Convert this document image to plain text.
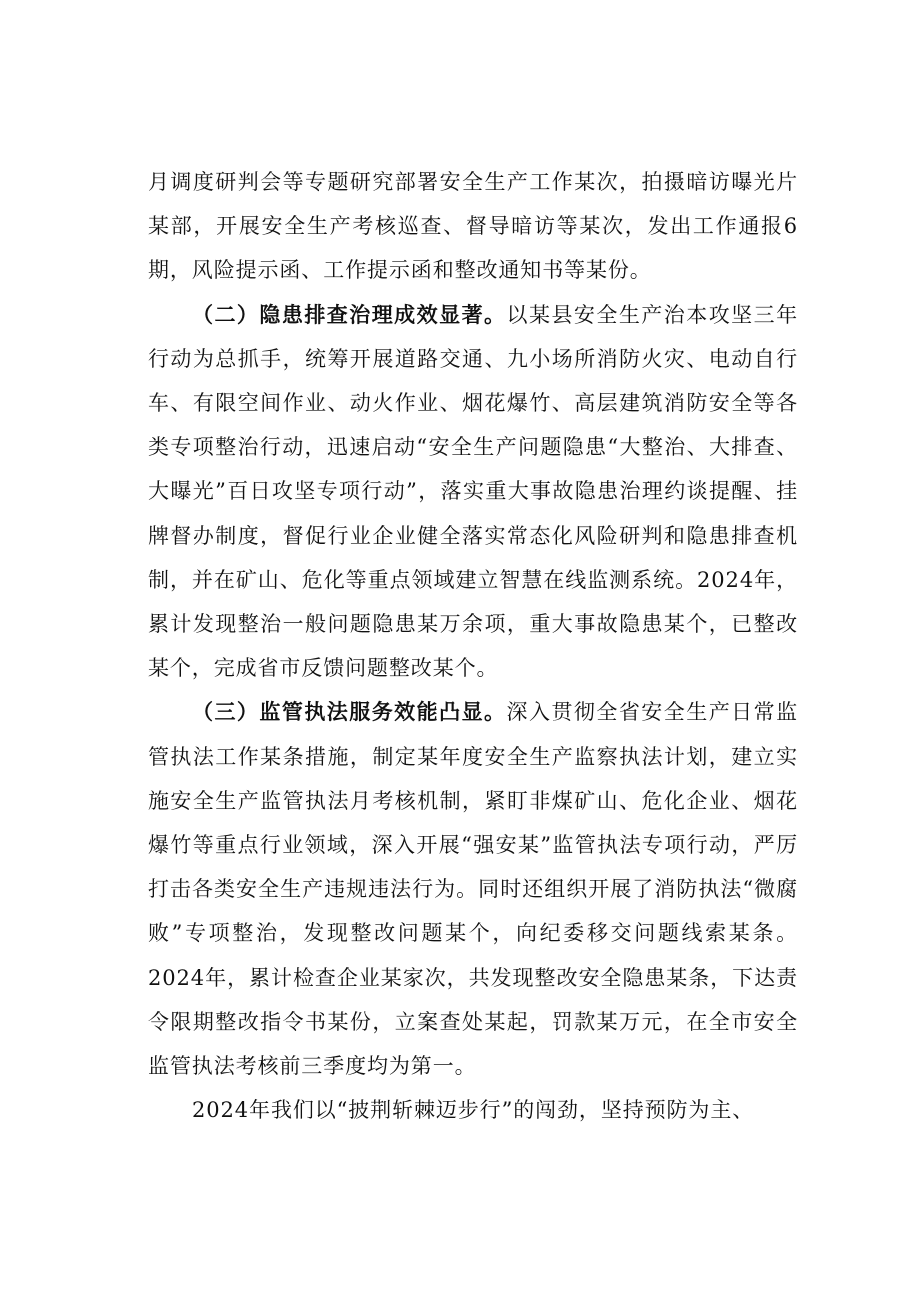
月调度研判会等专题研究部署安全生产工作某次，拍摄暗访曝光片某部，开展安全生产考核巡查、督导暗访等某次，发出工作通报6期，风险提示函、工作提示函和整改通知书等某份。

（二）隐患排查治理成效显著。以某县安全生产治本攻坚三年行动为总抓手，统筹开展道路交通、九小场所消防火灾、电动自行车、有限空间作业、动火作业、烟花爆竹、高层建筑消防安全等各类专项整治行动，迅速启动“安全生产问题隐患“大整治、大排查、大曝光”百日攻坚专项行动”，落实重大事故隐患治理约谈提醒、挂牌督办制度，督促行业企业健全落实常态化风险研判和隐患排查机制，并在矿山、危化等重点领域建立智慧在线监测系统。2024年，累计发现整治一般问题隐患某万余项，重大事故隐患某个，已整改某个，完成省市反馈问题整改某个。

（三）监管执法服务效能凸显。深入贯彻全省安全生产日常监管执法工作某条措施，制定某年度安全生产监察执法计划，建立实施安全生产监管执法月考核机制，紧盯非煤矿山、危化企业、烟花爆竹等重点行业领域，深入开展“强安某”监管执法专项行动，严厉打击各类安全生产违规违法行为。同时还组织开展了消防执法“微腐败”专项整治，发现整改问题某个，向纪委移交问题线索某条。2024年，累计检查企业某家次，共发现整改安全隐患某条，下达责令限期整改指令书某份，立案查处某起，罚款某万元，在全市安全监管执法考核前三季度均为第一。

2024年我们以“披荆斩棘迈步行”的闯劲，坚持预防为主、
